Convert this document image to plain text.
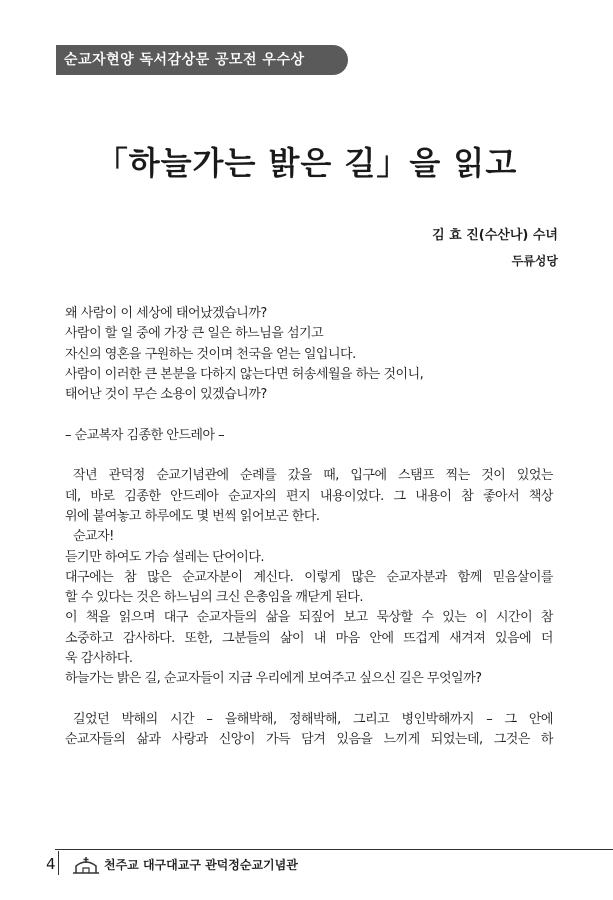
순교자현양 독서감상문 공모전 우수상
「하늘가는 밝은 길」을 읽고
김 효 진(수산나) 수녀
두류성당
왜 사람이 이 세상에 태어났겠습니까?
사람이 할 일 중에 가장 큰 일은 하느님을 섬기고
자신의 영혼을 구원하는 것이며 천국을 얻는 일입니다.
사람이 이러한 큰 본분을 다하지 않는다면 허송세월을 하는 것이니,
태어난 것이 무슨 소용이 있겠습니까?
– 순교복자 김종한 안드레아 –
작년 관덕정 순교기념관에 순례를 갔을 때, 입구에 스탬프 찍는 것이 있었는
데, 바로 김종한 안드레아 순교자의 편지 내용이었다. 그 내용이 참 좋아서 책상
위에 붙여놓고 하루에도 몇 번씩 읽어보곤 한다.
순교자!
듣기만 하여도 가슴 설레는 단어이다.
대구에는 참 많은 순교자분이 계신다. 이렇게 많은 순교자분과 함께 믿음살이를
할 수 있다는 것은 하느님의 크신 은총임을 깨닫게 된다.
이 책을 읽으며 대구 순교자들의 삶을 되짚어 보고 묵상할 수 있는 이 시간이 참
소중하고 감사하다. 또한, 그분들의 삶이 내 마음 안에 뜨겁게 새겨져 있음에 더
욱 감사하다.
하늘가는 밝은 길, 순교자들이 지금 우리에게 보여주고 싶으신 길은 무엇일까?
길었던 박해의 시간 – 을해박해, 정해박해, 그리고 병인박해까지 – 그 안에
순교자들의 삶과 사랑과 신앙이 가득 담겨 있음을 느끼게 되었는데, 그것은 하
4	천주교 대구대교구 관덕정순교기념관
